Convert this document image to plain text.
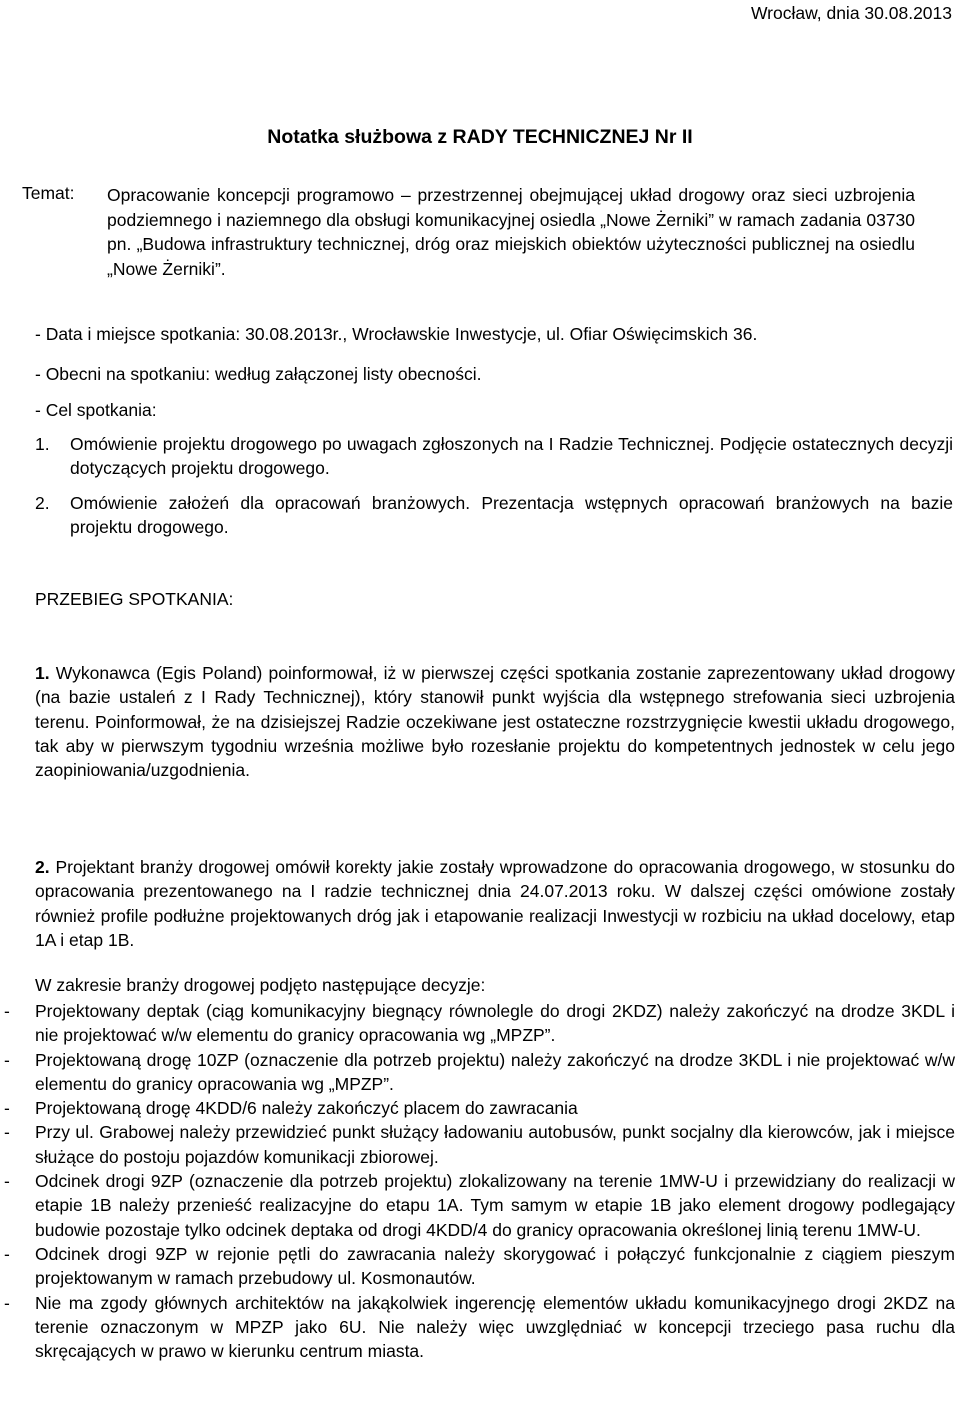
Wrocław, dnia 30.08.2013
Notatka służbowa z RADY TECHNICZNEJ Nr II
Temat: Opracowanie koncepcji programowo – przestrzennej obejmującej układ drogowy oraz sieci uzbrojenia podziemnego i naziemnego dla obsługi komunikacyjnej osiedla „Nowe Żerniki” w ramach zadania 03730 pn. „Budowa infrastruktury technicznej, dróg oraz miejskich obiektów użyteczności publicznej na osiedlu „Nowe Żerniki”.
- Data i miejsce spotkania: 30.08.2013r., Wrocławskie Inwestycje, ul. Ofiar Oświęcimskich 36.
- Obecni na spotkaniu: według załączonej listy obecności.
- Cel spotkania:
1.	Omówienie projektu drogowego po uwagach zgłoszonych na I Radzie Technicznej. Podjęcie ostatecznych decyzji dotyczących projektu drogowego.
2.	Omówienie założeń dla opracowań branżowych. Prezentacja wstępnych opracowań branżowych na bazie projektu drogowego.
PRZEBIEG SPOTKANIA:
1. Wykonawca (Egis Poland) poinformował, iż w pierwszej części spotkania zostanie zaprezentowany układ drogowy (na bazie ustaleń z I Rady Technicznej), który stanowił punkt wyjścia dla wstępnego strefowania sieci uzbrojenia terenu. Poinformował, że na dzisiejszej Radzie oczekiwane jest ostateczne rozstrzygnięcie kwestii układu drogowego, tak aby w pierwszym tygodniu września możliwe było rozesłanie projektu do kompetentnych jednostek w celu jego zaopiniowania/uzgodnienia.
2. Projektant branży drogowej omówił korekty jakie zostały wprowadzone do opracowania drogowego, w stosunku do opracowania prezentowanego na I radzie technicznej dnia 24.07.2013 roku. W dalszej części omówione zostały również profile podłużne projektowanych dróg jak i etapowanie realizacji Inwestycji w rozbiciu na układ docelowy, etap 1A i etap 1B.
W zakresie branży drogowej podjęto następujące decyzje:
- Projektowany deptak (ciąg komunikacyjny biegnący równolegle do drogi 2KDZ) należy zakończyć na drodze 3KDL i nie projektować w/w elementu do granicy opracowania wg „MPZP”.
- Projektowaną drogę 10ZP (oznaczenie dla potrzeb projektu) należy zakończyć na drodze 3KDL i nie projektować w/w elementu do granicy opracowania wg „MPZP”.
- Projektowaną drogę 4KDD/6 należy zakończyć placem do zawracania
- Przy ul. Grabowej należy przewidzieć punkt służący ładowaniu autobusów, punkt socjalny dla kierowców, jak i miejsce służące do postoju pojazdów komunikacji zbiorowej.
- Odcinek drogi 9ZP (oznaczenie dla potrzeb projektu) zlokalizowany na terenie 1MW-U i przewidziany do realizacji w etapie 1B należy przenieść realizacyjne do etapu 1A. Tym samym w etapie 1B jako element drogowy podlegający budowie pozostaje tylko odcinek deptaka od drogi 4KDD/4 do granicy opracowania określonej linią terenu 1MW-U.
- Odcinek drogi 9ZP w rejonie pętli do zawracania należy skorygować i połączyć funkcjonalnie z ciągiem pieszym projektowanym w ramach przebudowy ul. Kosmonautów.
- Nie ma zgody głównych architektów na jakąkolwiek ingerencję elementów układu komunikacyjnego drogi 2KDZ na terenie oznaczonym w MPZP jako 6U. Nie należy więc uwzględniać w koncepcji trzeciego pasa ruchu dla skręcających w prawo w kierunku centrum miasta.
